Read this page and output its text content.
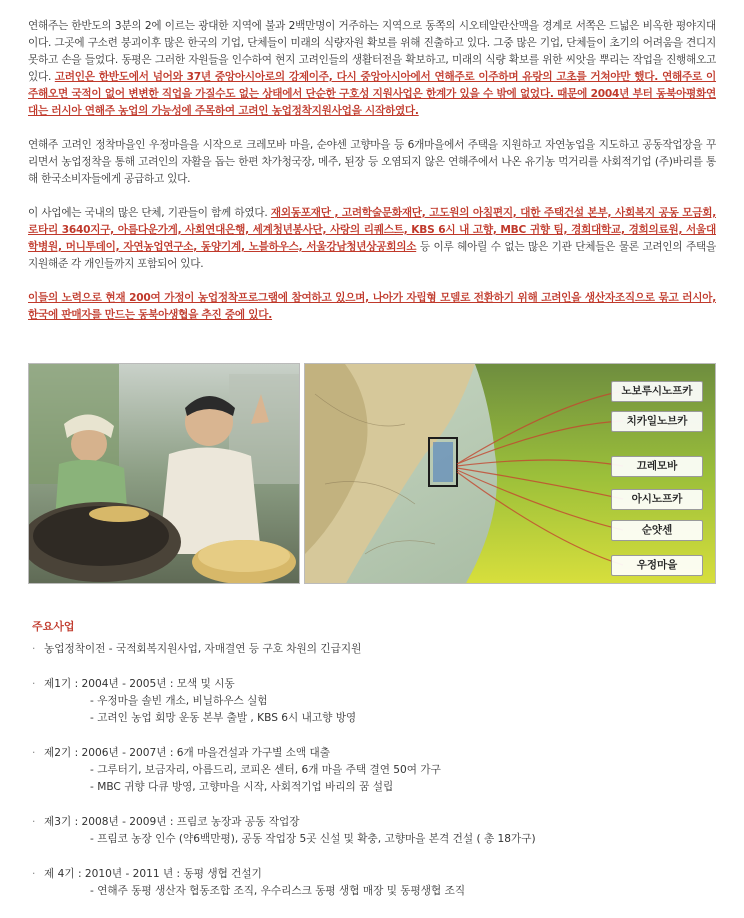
연해주는 한반도의 3분의 2에 이르는 광대한 지역에 불과 2백만명이 거주하는 지역으로 동쪽의 시오테알란산맥을 경계로 서쪽은 드넓은 비옥한 평야지대이다. 그곳에 구소련 붕괴이후 많은 한국의 기업, 단체들이 미래의 식량자원 확보를 위해 진출하고 있다. 그중 많은 기업, 단체들이 초기의 어려움을 견디지 못하고 손을 들었다. 동평은 그러한 자원들을 인수하여 현지 고려인들의 생활터전을 확보하고, 미래의 식량 확보를 위한 씨앗을 뿌리는 작업을 진행해오고 있다. 고려인은 한반도에서 넘어와 37년 중앙아시아로의 강제이주, 다시 중앙아시아에서 연해주로 이주하며 유랑의 고초를 거쳐야만 했다. 연해주로 이주해오면 국적이 없어 변변한 직업을 가질수도 없는 상태에서 단순한 구호성 지원사업은 한계가 있을 수 밖에 없었다. 때문에 2004년 부터 동북아평화연대는 러시아 연해주 농업의 가능성에 주목하여 고려인 농업정착지원사업을 시작하였다.

연해주 고려인 정착마을인 우정마을을 시작으로 크레모바 마을, 순야센 고향마을 등 6개마을에서 주택을 지원하고 자연농업을 지도하고 공동작업장을 꾸리면서 농업정착을 통해 고려인의 자활을 돕는 한편 차가청국장, 메주, 된장 등 오염되지 않은 연해주에서 나온 유기농 먹거리를 사회적기업 (주)바리를 통해 한국소비자들에게 공급하고 있다.

이 사업에는 국내의 많은 단체, 기관들이 함께 하였다. 재외동포재단 , 고려학술문화재단, 고도원의 아침편지, 대한 주택건설 본부, 사회복지 공동 모금회, 로타리 3640지구, 아름다운가게, 사회연대은행, 세계청년봉사단, 사랑의 리퀘스트, KBS 6시 내 고향, MBC 귀향 팀, 경희대학교, 경희의료원, 서울대학병원, 머니투데이, 자연농업연구소, 동양기계, 노블하우스, 서울강남청년상공회의소 등 이루 헤아릴 수 없는 많은 기관 단체들은 물론 고려인의 주택을 지원해준 각 개인들까지 포함되어 있다.

이들의 노력으로 현재 200여 가정이 농업정착프로그램에 참여하고 있으며, 나아가 자립형 모델로 전환하기 위해 고려인을 생산자조직으로 묶고 러시아, 한국에 판매자를 만드는 동북아생협을 추진 중에 있다.

노보루시노프카
치카일노브카
끄레모바
아시노프카
순얏센
우정마을
주요사업
· 농업정착이전 - 국적회복지원사업, 자매결연 등 구호 차원의 긴급지원
· 제1기 : 2004년 - 2005년 : 모색 및 시동
- 우정마을 솔빈 개소, 비닐하우스 실험
- 고려인 농업 회망 운동 본부 출발 , KBS 6시 내고향 방영
· 제2기 : 2006년 - 2007년 : 6개 마을건설과 가구별 소액 대출
- 그루터기, 보금자리, 아름드리, 코피온 센터, 6개 마을 주택 결연 50여 가구
- MBC 귀향 다큐 방영, 고향마을 시작, 사회적기업 바리의 꿈 설립
· 제3기 : 2008년 - 2009년 : 프림코 농장과 공동 작업장
- 프림코 농장 인수 (약6백만평), 공동 작업장 5곳 신설 및 확충, 고향마을 본격 건설 ( 총 18가구)
· 제 4기 : 2010년 - 2011 년 : 동평 생협 건설기
- 연해주 동평 생산자 협동조합 조직, 우수리스크 동평 생협 매장 및 동평생협 조직
